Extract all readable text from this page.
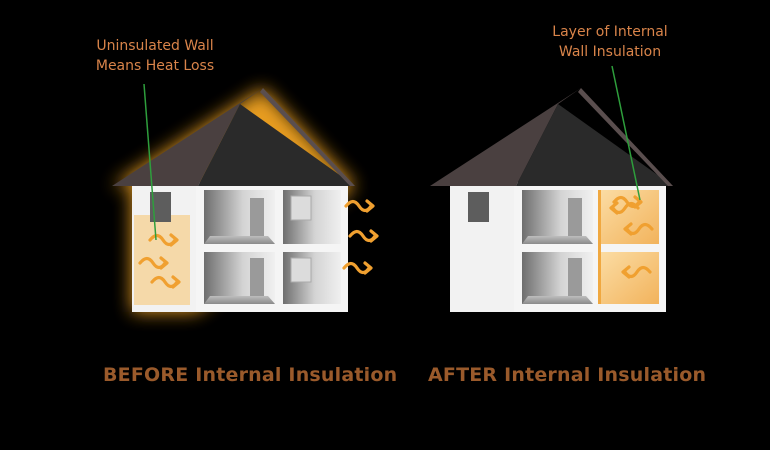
Uninsulated Wall
Means Heat Loss
Layer of Internal
Wall Insulation
BEFORE Internal Insulation AFTER Internal Insulation
